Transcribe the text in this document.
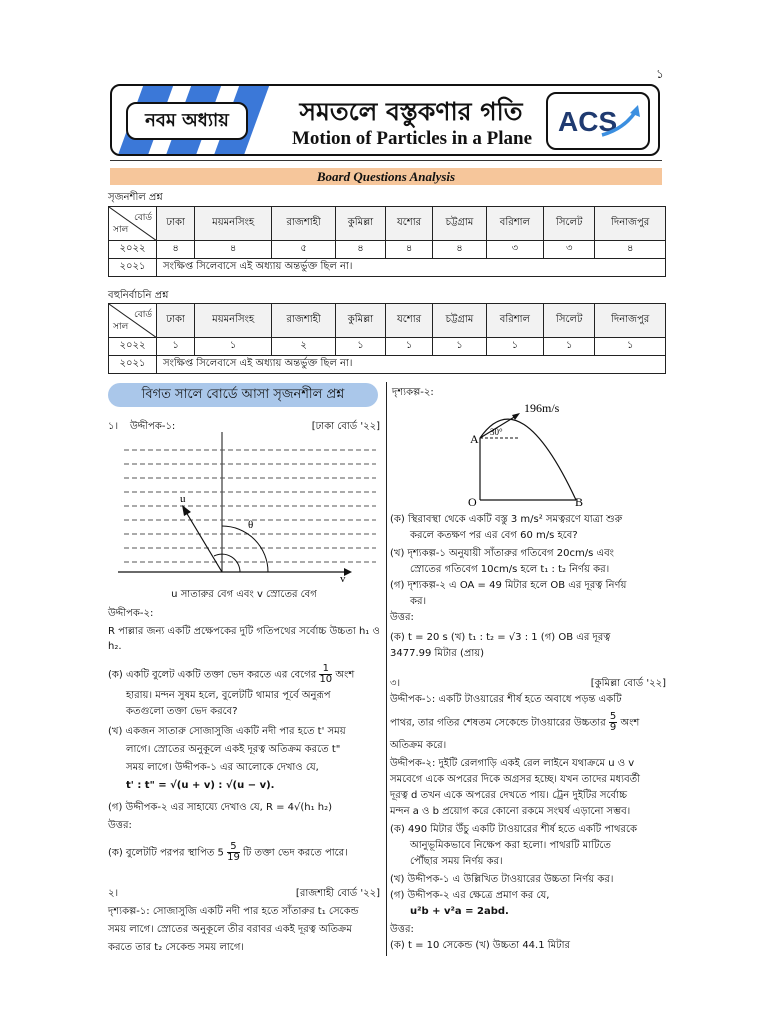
১
নবম অধ্যায়	সমতলে বস্তুকণার গতি
Motion of Particles in a Plane
ACS
Board Questions Analysis
সৃজনশীল প্রশ্ন
বোর্ড
সাল	ঢাকা	ময়মনসিংহ	রাজশাহী	কুমিল্লা	যশোর	চট্টগ্রাম	বরিশাল	সিলেট	দিনাজপুর
২০২২	৪	৪	৫	৪	৪	৪	৩	৩	৪
২০২১	সংক্ষিপ্ত সিলেবাসে এই অধ্যায় অন্তর্ভুক্ত ছিল না।								
বহুনির্বাচনি প্রশ্ন
বোর্ড
সাল	ঢাকা	ময়মনসিংহ	রাজশাহী	কুমিল্লা	যশোর	চট্টগ্রাম	বরিশাল	সিলেট	দিনাজপুর
২০২২	১	১	২	১	১	১	১	১	১
২০২১	সংক্ষিপ্ত সিলেবাসে এই অধ্যায় অন্তর্ভুক্ত ছিল না।								
বিগত সালে বোর্ডে আসা সৃজনশীল প্রশ্ন
১। উদ্দীপক-১:	[ঢাকা বোর্ড '২২]
u
θ
v
u সাতারুর বেগ এবং v স্রোতের বেগ
উদ্দীপক-২:
R পাল্লার জন্য একটি প্রক্ষেপকের দুটি গতিপথের সর্বোচ্চ উচ্চতা h₁ ও h₂.
(ক) একটি বুলেট একটি তক্তা ভেদ করতে এর বেগের $\frac{1}{10}$ অংশ
হারায়। মন্দন সুষম হলে, বুলেটটি থামার পূর্বে অনুরূপ
কতগুলো তক্তা ভেদ করবে?
(খ) একজন সাতারু সোজাসুজি একটি নদী পার হতে t' সময়
লাগে। স্রোতের অনুকূলে একই দূরত্ব অতিক্রম করতে t"
সময় লাগে। উদ্দীপক-১ এর আলোকে দেখাও যে,
t' : t" = √(u + v) : √(u − v).
(গ) উদ্দীপক-২ এর সাহায্যে দেখাও যে, R = 4√(h₁ h₂)
উত্তর:
(ক) বুলেটটি পরপর স্থাপিত $5 \frac{5}{19}$ টি তক্তা ভেদ করতে পারে।
২।	[রাজশাহী বোর্ড '২২]
দৃশ্যকল্প-১: সোজাসুজি একটি নদী পার হতে সাঁতারুর t₁ সেকেন্ড
সময় লাগে। স্রোতের অনুকূলে তীর বরাবর একই দূরত্ব অতিক্রম
করতে তার t₂ সেকেন্ড সময় লাগে।
দৃশ্যকল্প-২:
196m/s
30°
A
O	B
(ক) স্থিরাবস্থা থেকে একটি বস্তু 3 m/s² সমত্বরণে যাত্রা শুরু
করলে কতক্ষণ পর এর বেগ 60 m/s হবে?
(খ) দৃশ্যকল্প-১ অনুযায়ী সাঁতারুর গতিবেগ 20cm/s এবং
স্রোতের গতিবেগ 10cm/s হলে t₁ : t₂ নির্ণয় কর।
(গ) দৃশ্যকল্প-২ এ OA = 49 মিটার হলে OB এর দূরত্ব নির্ণয়
কর।
উত্তর:
(ক) t = 20 s (খ) t₁ : t₂ = √3 : 1 (গ) OB এর দূরত্ব
3477.99 মিটার (প্রায়)
৩।	[কুমিল্লা বোর্ড '২২]
উদ্দীপক-১: একটি টাওয়ারের শীর্ষ হতে অবাধে পড়ন্ত একটি
পাথর, তার গতির শেষতম সেকেন্ডে টাওয়ারের উচ্চতার $\frac{5}{9}$ অংশ
অতিক্রম করে।
উদ্দীপক-২: দুইটি রেলগাড়ি একই রেল লাইনে যথাক্রমে u ও v
সমবেগে একে অপরের দিকে অগ্রসর হচ্ছে। যখন তাদের মধ্যবর্তী
দূরত্ব d তখন একে অপরের দেখতে পায়। ট্রেন দুইটির সর্বোচ্চ
মন্দন a ও b প্রয়োগ করে কোনো রকমে সংঘর্ষ এড়ানো সম্ভব।
(ক) 490 মিটার উঁচু একটি টাওয়ারের শীর্ষ হতে একটি পাথরকে
আনুভূমিকভাবে নিক্ষেপ করা হলো। পাথরটি মাটিতে
পৌঁছার সময় নির্ণয় কর।
(খ) উদ্দীপক-১ এ উল্লিখিত টাওয়ারের উচ্চতা নির্ণয় কর।
(গ) উদ্দীপক-২ এর ক্ষেত্রে প্রমাণ কর যে,
u²b + v²a = 2abd.
উত্তর:
(ক) t = 10 সেকেন্ড (খ) উচ্চতা 44.1 মিটার
